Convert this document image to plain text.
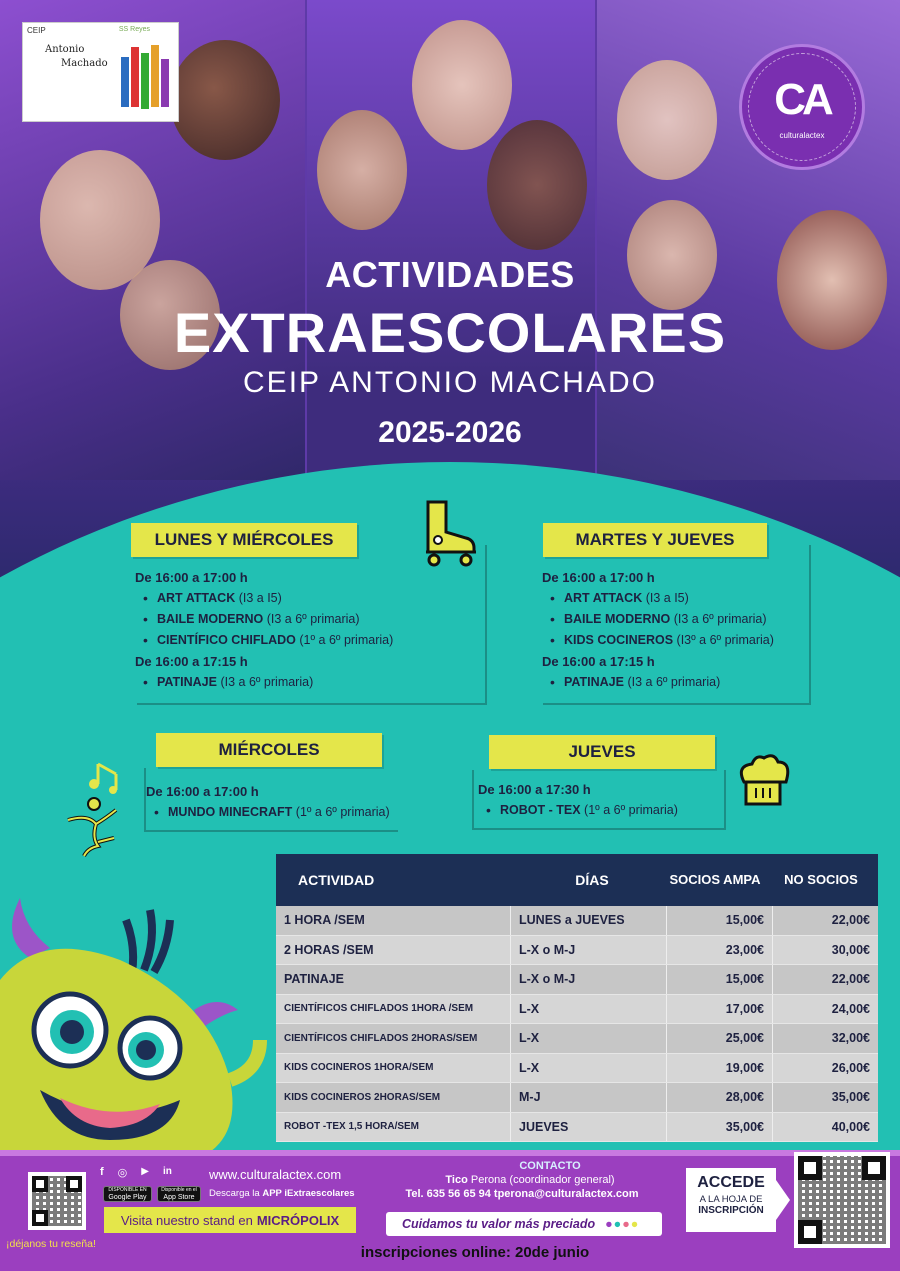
CEIP	SS Reyes
Antonio
Machado
CA
culturalactex
ACTIVIDADES
EXTRAESCOLARES
CEIP ANTONIO MACHADO
2025-2026
LUNES Y MIÉRCOLES
De 16:00 a 17:00 h
• ART ATTACK (I3 a I5)
• BAILE MODERNO (I3 a 6º primaria)
• CIENTÍFICO CHIFLADO (1º a 6º primaria)
De 16:00 a 17:15 h
• PATINAJE (I3 a 6º primaria)
MARTES Y JUEVES
De 16:00 a 17:00 h
• ART ATTACK (I3 a I5)
• BAILE MODERNO (I3 a 6º primaria)
• KIDS COCINEROS (I3º a 6º primaria)
De 16:00 a 17:15 h
• PATINAJE (I3 a 6º primaria)
MIÉRCOLES
De 16:00 a 17:00 h
• MUNDO MINECRAFT (1º a 6º primaria)
JUEVES
De 16:00 a 17:30 h
• ROBOT - TEX (1º a 6º primaria)
ACTIVIDAD	DÍAS	SOCIOS AMPA	NO SOCIOS
1 HORA /SEM	LUNES a JUEVES	15,00€	22,00€
2 HORAS /SEM	L-X o M-J	23,00€	30,00€
PATINAJE	L-X o M-J	15,00€	22,00€
CIENTÍFICOS CHIFLADOS 1HORA /SEM	L-X	17,00€	24,00€
CIENTÍFICOS CHIFLADOS 2HORAS/SEM	L-X	25,00€	32,00€
KIDS COCINEROS 1HORA/SEM	L-X	19,00€	26,00€
KIDS COCINEROS 2HORAS/SEM	M-J	28,00€	35,00€
ROBOT -TEX 1,5 HORA/SEM	JUEVES	35,00€	40,00€
¡déjanos tu reseña!
f ◎ ▶ in	www.culturalactex.com
DISPONIBLE EN
Google Play
Disponible en el
App Store Descarga la APP iExtraescolares
Visita nuestro stand en MICRÓPOLIX
CONTACTO
Tico Perona (coordinador general)
Tel. 635 56 65 94 tperona@culturalactex.com
Cuidamos tu valor más preciado ●●●●
inscripciones online: 20de junio
ACCEDE
A LA HOJA DE
INSCRIPCIÓN
